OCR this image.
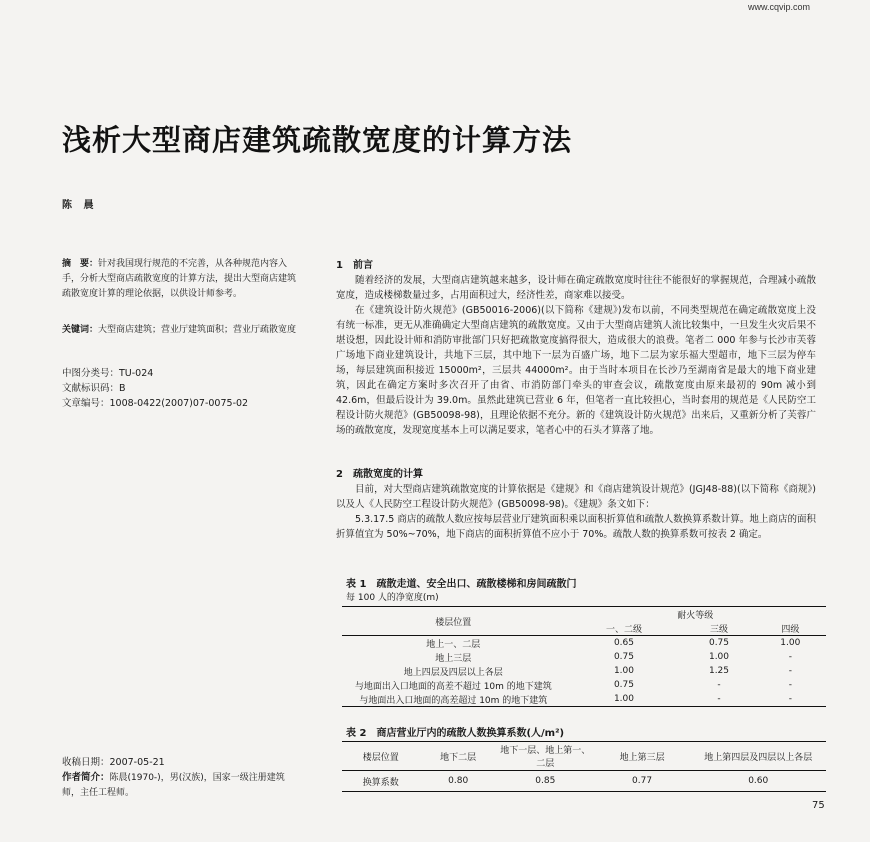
www.cqvip.com
浅析大型商店建筑疏散宽度的计算方法
陈 晨
摘　要：针对我国现行规范的不完善，从各种规范内容入手，分析大型商店疏散宽度的计算方法，提出大型商店建筑疏散宽度计算的理论依据，以供设计师参考。
关键词：大型商店建筑；营业厅建筑面积；营业厅疏散宽度
中图分类号：TU-024
文献标识码：B
文章编号：1008-0422(2007)07-0075-02
收稿日期：2007-05-21
作者简介：陈晨(1970-)，男(汉族)，国家一级注册建筑师，主任工程师。
1　前言

随着经济的发展，大型商店建筑越来越多，设计师在确定疏散宽度时往往不能很好的掌握规范，合理减小疏散宽度，造成楼梯数量过多，占用面积过大，经济性差，商家难以接受。

在《建筑设计防火规范》(GB50016-2006)(以下简称《建规》)发布以前，不同类型规范在确定疏散宽度上没有统一标准，更无从准确确定大型商店建筑的疏散宽度。又由于大型商店建筑人流比较集中，一旦发生火灾后果不堪设想，因此设计师和消防审批部门只好把疏散宽度搞得很大，造成很大的浪费。笔者二 000 年参与长沙市芙蓉广场地下商业建筑设计，共地下三层，其中地下一层为百盛广场，地下二层为家乐福大型超市，地下三层为停车场，每层建筑面积接近 15000m²，三层共 44000m²。由于当时本项目在长沙乃至湖南省是最大的地下商业建筑，因此在确定方案时多次召开了由省、市消防部门牵头的审查会议，疏散宽度由原来最初的 90m 减小到 42.6m，但最后设计为 39.0m。虽然此建筑已营业 6 年，但笔者一直比较担心，当时套用的规范是《人民防空工程设计防火规范》(GB50098-98)，且理论依据不充分。新的《建筑设计防火规范》出来后，又重新分析了芙蓉广场的疏散宽度，发现宽度基本上可以满足要求，笔者心中的石头才算落了地。

2　疏散宽度的计算

目前，对大型商店建筑疏散宽度的计算依据是《建规》和《商店建筑设计规范》(JGJ48-88)(以下简称《商规》)以及人《人民防空工程设计防火规范》(GB50098-98)。《建规》条文如下：

5.3.17.5 商店的疏散人数应按每层营业厅建筑面积乘以面积折算值和疏散人数换算系数计算。地上商店的面积折算值宜为 50%~70%，地下商店的面积折算值不应小于 70%。疏散人数的换算系数可按表 2 确定。

表 1　疏散走道、安全出口、疏散楼梯和房间疏散门
每 100 人的净宽度(m)
楼层位置	耐火等级		
	一、二级	三级	四级
地上一、二层	0.65	0.75	1.00
地上三层	0.75	1.00	-
地上四层及四层以上各层	1.00	1.25	-
与地面出入口地面的高差不超过 10m 的地下建筑	0.75	-	-
与地面出入口地面的高差超过 10m 的地下建筑	1.00	-	-
表 2　商店营业厅内的疏散人数换算系数(人/m²)
楼层位置	地下二层	地下一层、地上第一、二层	地上第三层	地上第四层及四层以上各层
换算系数	0.80	0.85	0.77	0.60
75
